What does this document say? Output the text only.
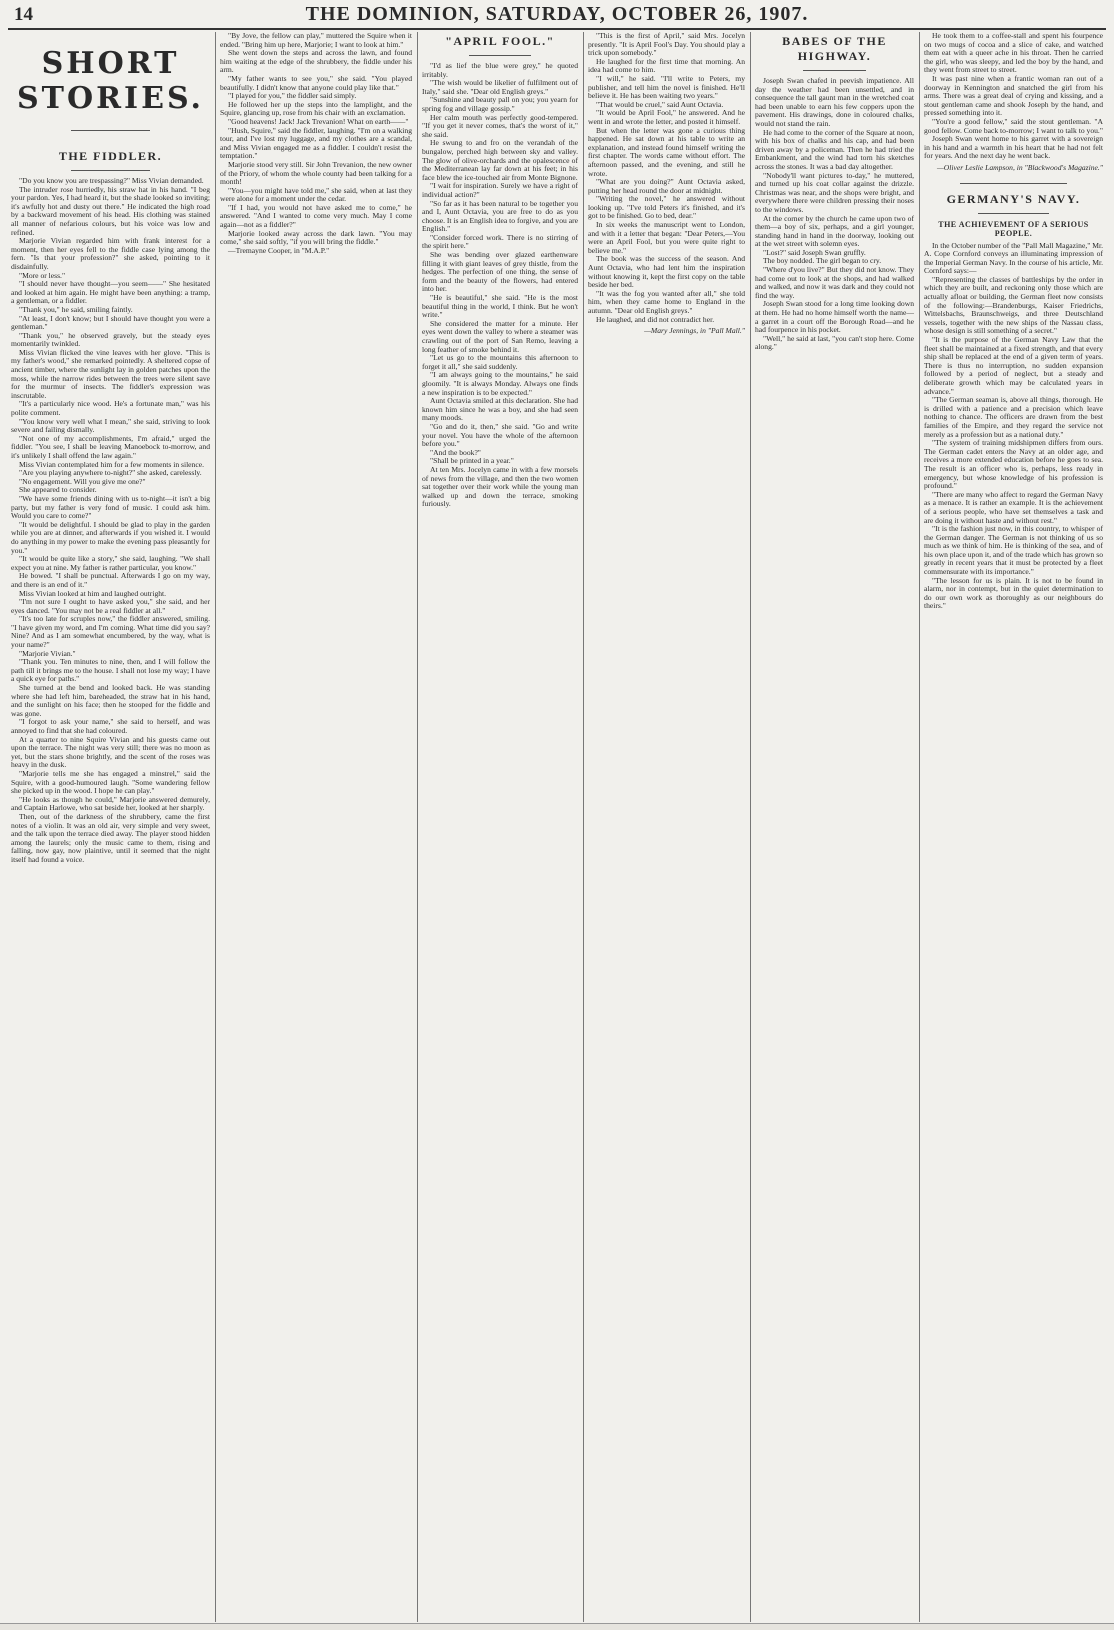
14	THE DOMINION, SATURDAY, OCTOBER 26, 1907.
SHORT STORIES.
THE FIDDLER.

"Do you know you are trespassing?" Miss Vivian demanded.

The intruder rose hurriedly, his straw hat in his hand. "I beg your pardon. Yes, I had heard it, but the shade looked so inviting; it's awfully hot and dusty out there." He indicated the high road by a backward movement of his head. His clothing was stained all manner of nefarious colours, but his voice was low and refined.

Marjorie Vivian regarded him with frank interest for a moment, then her eyes fell to the fiddle case lying among the fern. "Is that your profession?" she asked, pointing to it disdainfully.

"More or less."

"I should never have thought—you seem——" She hesitated and looked at him again. He might have been anything: a tramp, a gentleman, or a fiddler.

"Thank you," he said, smiling faintly.

"At least, I don't know; but I should have thought you were a gentleman."

"Thank you," he observed gravely, but the steady eyes momentarily twinkled.

Miss Vivian flicked the vine leaves with her glove. "This is my father's wood," she remarked pointedly. A sheltered copse of ancient timber, where the sunlight lay in golden patches upon the moss, while the narrow rides between the trees were silent save for the murmur of insects. The fiddler's expression was inscrutable.

"It's a particularly nice wood. He's a fortunate man," was his polite comment.

"You know very well what I mean," she said, striving to look severe and failing dismally.

"Not one of my accomplishments, I'm afraid," urged the fiddler. "You see, I shall be leaving Manoebock to-morrow, and it's unlikely I shall offend the law again."

Miss Vivian contemplated him for a few moments in silence.

"Are you playing anywhere to-night?" she asked, carelessly.

"No engagement. Will you give me one?"

She appeared to consider.

"We have some friends dining with us to-night—it isn't a big party, but my father is very fond of music. I could ask him. Would you care to come?"

"It would be delightful. I should be glad to play in the garden while you are at dinner, and afterwards if you wished it. I would do anything in my power to make the evening pass pleasantly for you."

"It would be quite like a story," she said, laughing. "We shall expect you at nine. My father is rather particular, you know."

He bowed. "I shall be punctual. Afterwards I go on my way, and there is an end of it."

Miss Vivian looked at him and laughed outright.

"I'm not sure I ought to have asked you," she said, and her eyes danced. "You may not be a real fiddler at all."

"It's too late for scruples now," the fiddler answered, smiling. "I have given my word, and I'm coming. What time did you say? Nine? And as I am somewhat encumbered, by the way, what is your name?"

"Marjorie Vivian."

"Thank you. Ten minutes to nine, then, and I will follow the path till it brings me to the house. I shall not lose my way; I have a quick eye for paths."

She turned at the bend and looked back. He was standing where she had left him, bareheaded, the straw hat in his hand, and the sunlight on his face; then he stooped for the fiddle and was gone.

"I forgot to ask your name," she said to herself, and was annoyed to find that she had coloured.

At a quarter to nine Squire Vivian and his guests came out upon the terrace. The night was very still; there was no moon as yet, but the stars shone brightly, and the scent of the roses was heavy in the dusk.

"Marjorie tells me she has engaged a minstrel," said the Squire, with a good-humoured laugh. "Some wandering fellow she picked up in the wood. I hope he can play."

"He looks as though he could," Marjorie answered demurely, and Captain Harlowe, who sat beside her, looked at her sharply.

Then, out of the darkness of the shrubbery, came the first notes of a violin. It was an old air, very simple and very sweet, and the talk upon the terrace died away. The player stood hidden among the laurels; only the music came to them, rising and falling, now gay, now plaintive, until it seemed that the night itself had found a voice.

"By Jove, the fellow can play," muttered the Squire when it ended. "Bring him up here, Marjorie; I want to look at him."

She went down the steps and across the lawn, and found him waiting at the edge of the shrubbery, the fiddle under his arm.

"My father wants to see you," she said. "You played beautifully. I didn't know that anyone could play like that."

"I played for you," the fiddler said simply.

He followed her up the steps into the lamplight, and the Squire, glancing up, rose from his chair with an exclamation.

"Good heavens! Jack! Jack Trevanion! What on earth——"

"Hush, Squire," said the fiddler, laughing. "I'm on a walking tour, and I've lost my luggage, and my clothes are a scandal, and Miss Vivian engaged me as a fiddler. I couldn't resist the temptation."

Marjorie stood very still. Sir John Trevanion, the new owner of the Priory, of whom the whole county had been talking for a month!

"You—you might have told me," she said, when at last they were alone for a moment under the cedar.

"If I had, you would not have asked me to come," he answered. "And I wanted to come very much. May I come again—not as a fiddler?"

Marjorie looked away across the dark lawn. "You may come," she said softly, "if you will bring the fiddle."

—Tremayne Cooper, in "M.A.P."

"APRIL FOOL."

"I'd as lief the blue were grey," he quoted irritably.

"The wish would be likelier of fulfilment out of Italy," said she. "Dear old English greys."

"Sunshine and beauty pall on you; you yearn for spring fog and village gossip."

Her calm mouth was perfectly good-tempered. "If you get it never comes, that's the worst of it," she said.

He swung to and fro on the verandah of the bungalow, perched high between sky and valley. The glow of olive-orchards and the opalescence of the Mediterranean lay far down at his feet; in his face blew the ice-touched air from Monte Bignone.

"I wait for inspiration. Surely we have a right of individual action?"

"So far as it has been natural to be together you and I, Aunt Octavia, you are free to do as you choose. It is an English idea to forgive, and you are English."

"Consider forced work. There is no stirring of the spirit here."

She was bending over glazed earthenware filling it with giant leaves of grey thistle, from the hedges. The perfection of one thing, the sense of form and the beauty of the flowers, had entered into her.

"He is beautiful," she said. "He is the most beautiful thing in the world, I think. But he won't write."

She considered the matter for a minute. Her eyes went down the valley to where a steamer was crawling out of the port of San Remo, leaving a long feather of smoke behind it.

"Let us go to the mountains this afternoon to forget it all," she said suddenly.

"I am always going to the mountains," he said gloomily. "It is always Monday. Always one finds a new inspiration is to be expected."

Aunt Octavia smiled at this declaration. She had known him since he was a boy, and she had seen many moods.

"Go and do it, then," she said. "Go and write your novel. You have the whole of the afternoon before you."

"And the book?"

"Shall be printed in a year."

At ten Mrs. Jocelyn came in with a few morsels of news from the village, and then the two women sat together over their work while the young man walked up and down the terrace, smoking furiously.

"This is the first of April," said Mrs. Jocelyn presently. "It is April Fool's Day. You should play a trick upon somebody."

He laughed for the first time that morning. An idea had come to him.

"I will," he said. "I'll write to Peters, my publisher, and tell him the novel is finished. He'll believe it. He has been waiting two years."

"That would be cruel," said Aunt Octavia.

"It would be April Fool," he answered. And he went in and wrote the letter, and posted it himself.

But when the letter was gone a curious thing happened. He sat down at his table to write an explanation, and instead found himself writing the first chapter. The words came without effort. The afternoon passed, and the evening, and still he wrote.

"What are you doing?" Aunt Octavia asked, putting her head round the door at midnight.

"Writing the novel," he answered without looking up. "I've told Peters it's finished, and it's got to be finished. Go to bed, dear."

In six weeks the manuscript went to London, and with it a letter that began: "Dear Peters,—You were an April Fool, but you were quite right to believe me."

The book was the success of the season. And Aunt Octavia, who had lent him the inspiration without knowing it, kept the first copy on the table beside her bed.

"It was the fog you wanted after all," she told him, when they came home to England in the autumn. "Dear old English greys."

He laughed, and did not contradict her.

—Mary Jennings, in "Pall Mall."

BABES OF THE HIGHWAY.

Joseph Swan chafed in peevish impatience. All day the weather had been unsettled, and in consequence the tall gaunt man in the wretched coat had been unable to earn his few coppers upon the pavement. His drawings, done in coloured chalks, would not stand the rain.

He had come to the corner of the Square at noon, with his box of chalks and his cap, and had been driven away by a policeman. Then he had tried the Embankment, and the wind had torn his sketches across the stones. It was a bad day altogether.

"Nobody'll want pictures to-day," he muttered, and turned up his coat collar against the drizzle. Christmas was near, and the shops were bright, and everywhere there were children pressing their noses to the windows.

At the corner by the church he came upon two of them—a boy of six, perhaps, and a girl younger, standing hand in hand in the doorway, looking out at the wet street with solemn eyes.

"Lost?" said Joseph Swan gruffly.

The boy nodded. The girl began to cry.

"Where d'you live?" But they did not know. They had come out to look at the shops, and had walked and walked, and now it was dark and they could not find the way.

Joseph Swan stood for a long time looking down at them. He had no home himself worth the name—a garret in a court off the Borough Road—and he had fourpence in his pocket.

"Well," he said at last, "you can't stop here. Come along."

He took them to a coffee-stall and spent his fourpence on two mugs of cocoa and a slice of cake, and watched them eat with a queer ache in his throat. Then he carried the girl, who was sleepy, and led the boy by the hand, and they went from street to street.

It was past nine when a frantic woman ran out of a doorway in Kennington and snatched the girl from his arms. There was a great deal of crying and kissing, and a stout gentleman came and shook Joseph by the hand, and pressed something into it.

"You're a good fellow," said the stout gentleman. "A good fellow. Come back to-morrow; I want to talk to you."

Joseph Swan went home to his garret with a sovereign in his hand and a warmth in his heart that he had not felt for years. And the next day he went back.

—Oliver Leslie Lampson, in "Blackwood's Magazine."

GERMANY'S NAVY.
THE ACHIEVEMENT OF A SERIOUS PEOPLE.

In the October number of the "Pall Mall Magazine," Mr. A. Cope Cornford conveys an illuminating impression of the Imperial German Navy. In the course of his article, Mr. Cornford says:—

"Representing the classes of battleships by the order in which they are built, and reckoning only those which are actually afloat or building, the German fleet now consists of the following:—Brandenburgs, Kaiser Friedrichs, Wittelsbachs, Braunschweigs, and three Deutschland vessels, together with the new ships of the Nassau class, whose design is still something of a secret."

"It is the purpose of the German Navy Law that the fleet shall be maintained at a fixed strength, and that every ship shall be replaced at the end of a given term of years. There is thus no interruption, no sudden expansion followed by a period of neglect, but a steady and deliberate growth which may be calculated years in advance."

"The German seaman is, above all things, thorough. He is drilled with a patience and a precision which leave nothing to chance. The officers are drawn from the best families of the Empire, and they regard the service not merely as a profession but as a national duty."

"The system of training midshipmen differs from ours. The German cadet enters the Navy at an older age, and receives a more extended education before he goes to sea. The result is an officer who is, perhaps, less ready in emergency, but whose knowledge of his profession is profound."

"There are many who affect to regard the German Navy as a menace. It is rather an example. It is the achievement of a serious people, who have set themselves a task and are doing it without haste and without rest."

"It is the fashion just now, in this country, to whisper of the German danger. The German is not thinking of us so much as we think of him. He is thinking of the sea, and of his own place upon it, and of the trade which has grown so greatly in recent years that it must be protected by a fleet commensurate with its importance."

"The lesson for us is plain. It is not to be found in alarm, nor in contempt, but in the quiet determination to do our own work as thoroughly as our neighbours do theirs."
